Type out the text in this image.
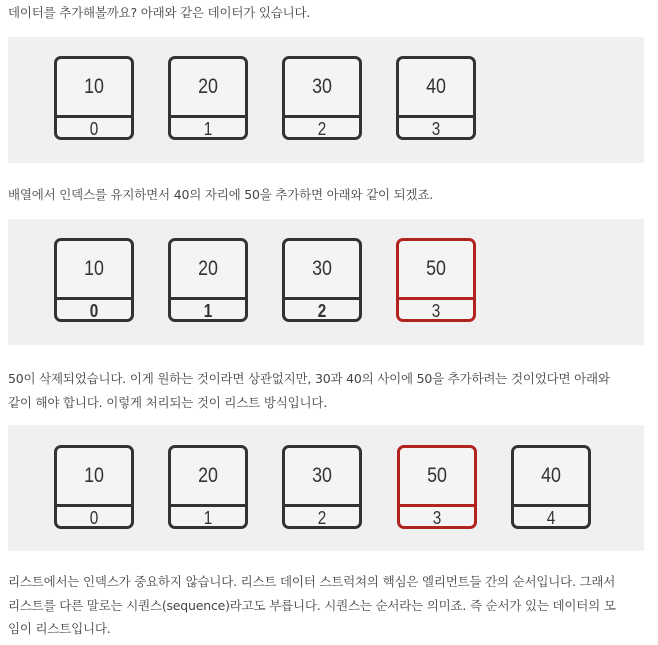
데이터를 추가해볼까요? 아래와 같은 데이터가 있습니다.

10
0
20
1
30
2
40
3

배열에서 인덱스를 유지하면서 40의 자리에 50을 추가하면 아래와 같이 되겠죠.

10
0
20
1
30
2
50
3

50이 삭제되었습니다. 이게 원하는 것이라면 상관없지만, 30과 40의 사이에 50을 추가하려는 것이었다면 아래와
같이 해야 합니다. 이렇게 처리되는 것이 리스트 방식입니다.

10
0
20
1
30
2
50
3
40
4

리스트에서는 인덱스가 중요하지 않습니다. 리스트 데이터 스트럭쳐의 핵심은 엘리먼트들 간의 순서입니다. 그래서
리스트를 다른 말로는 시퀀스(sequence)라고도 부릅니다. 시퀀스는 순서라는 의미죠. 즉 순서가 있는 데이터의 모
임이 리스트입니다.
